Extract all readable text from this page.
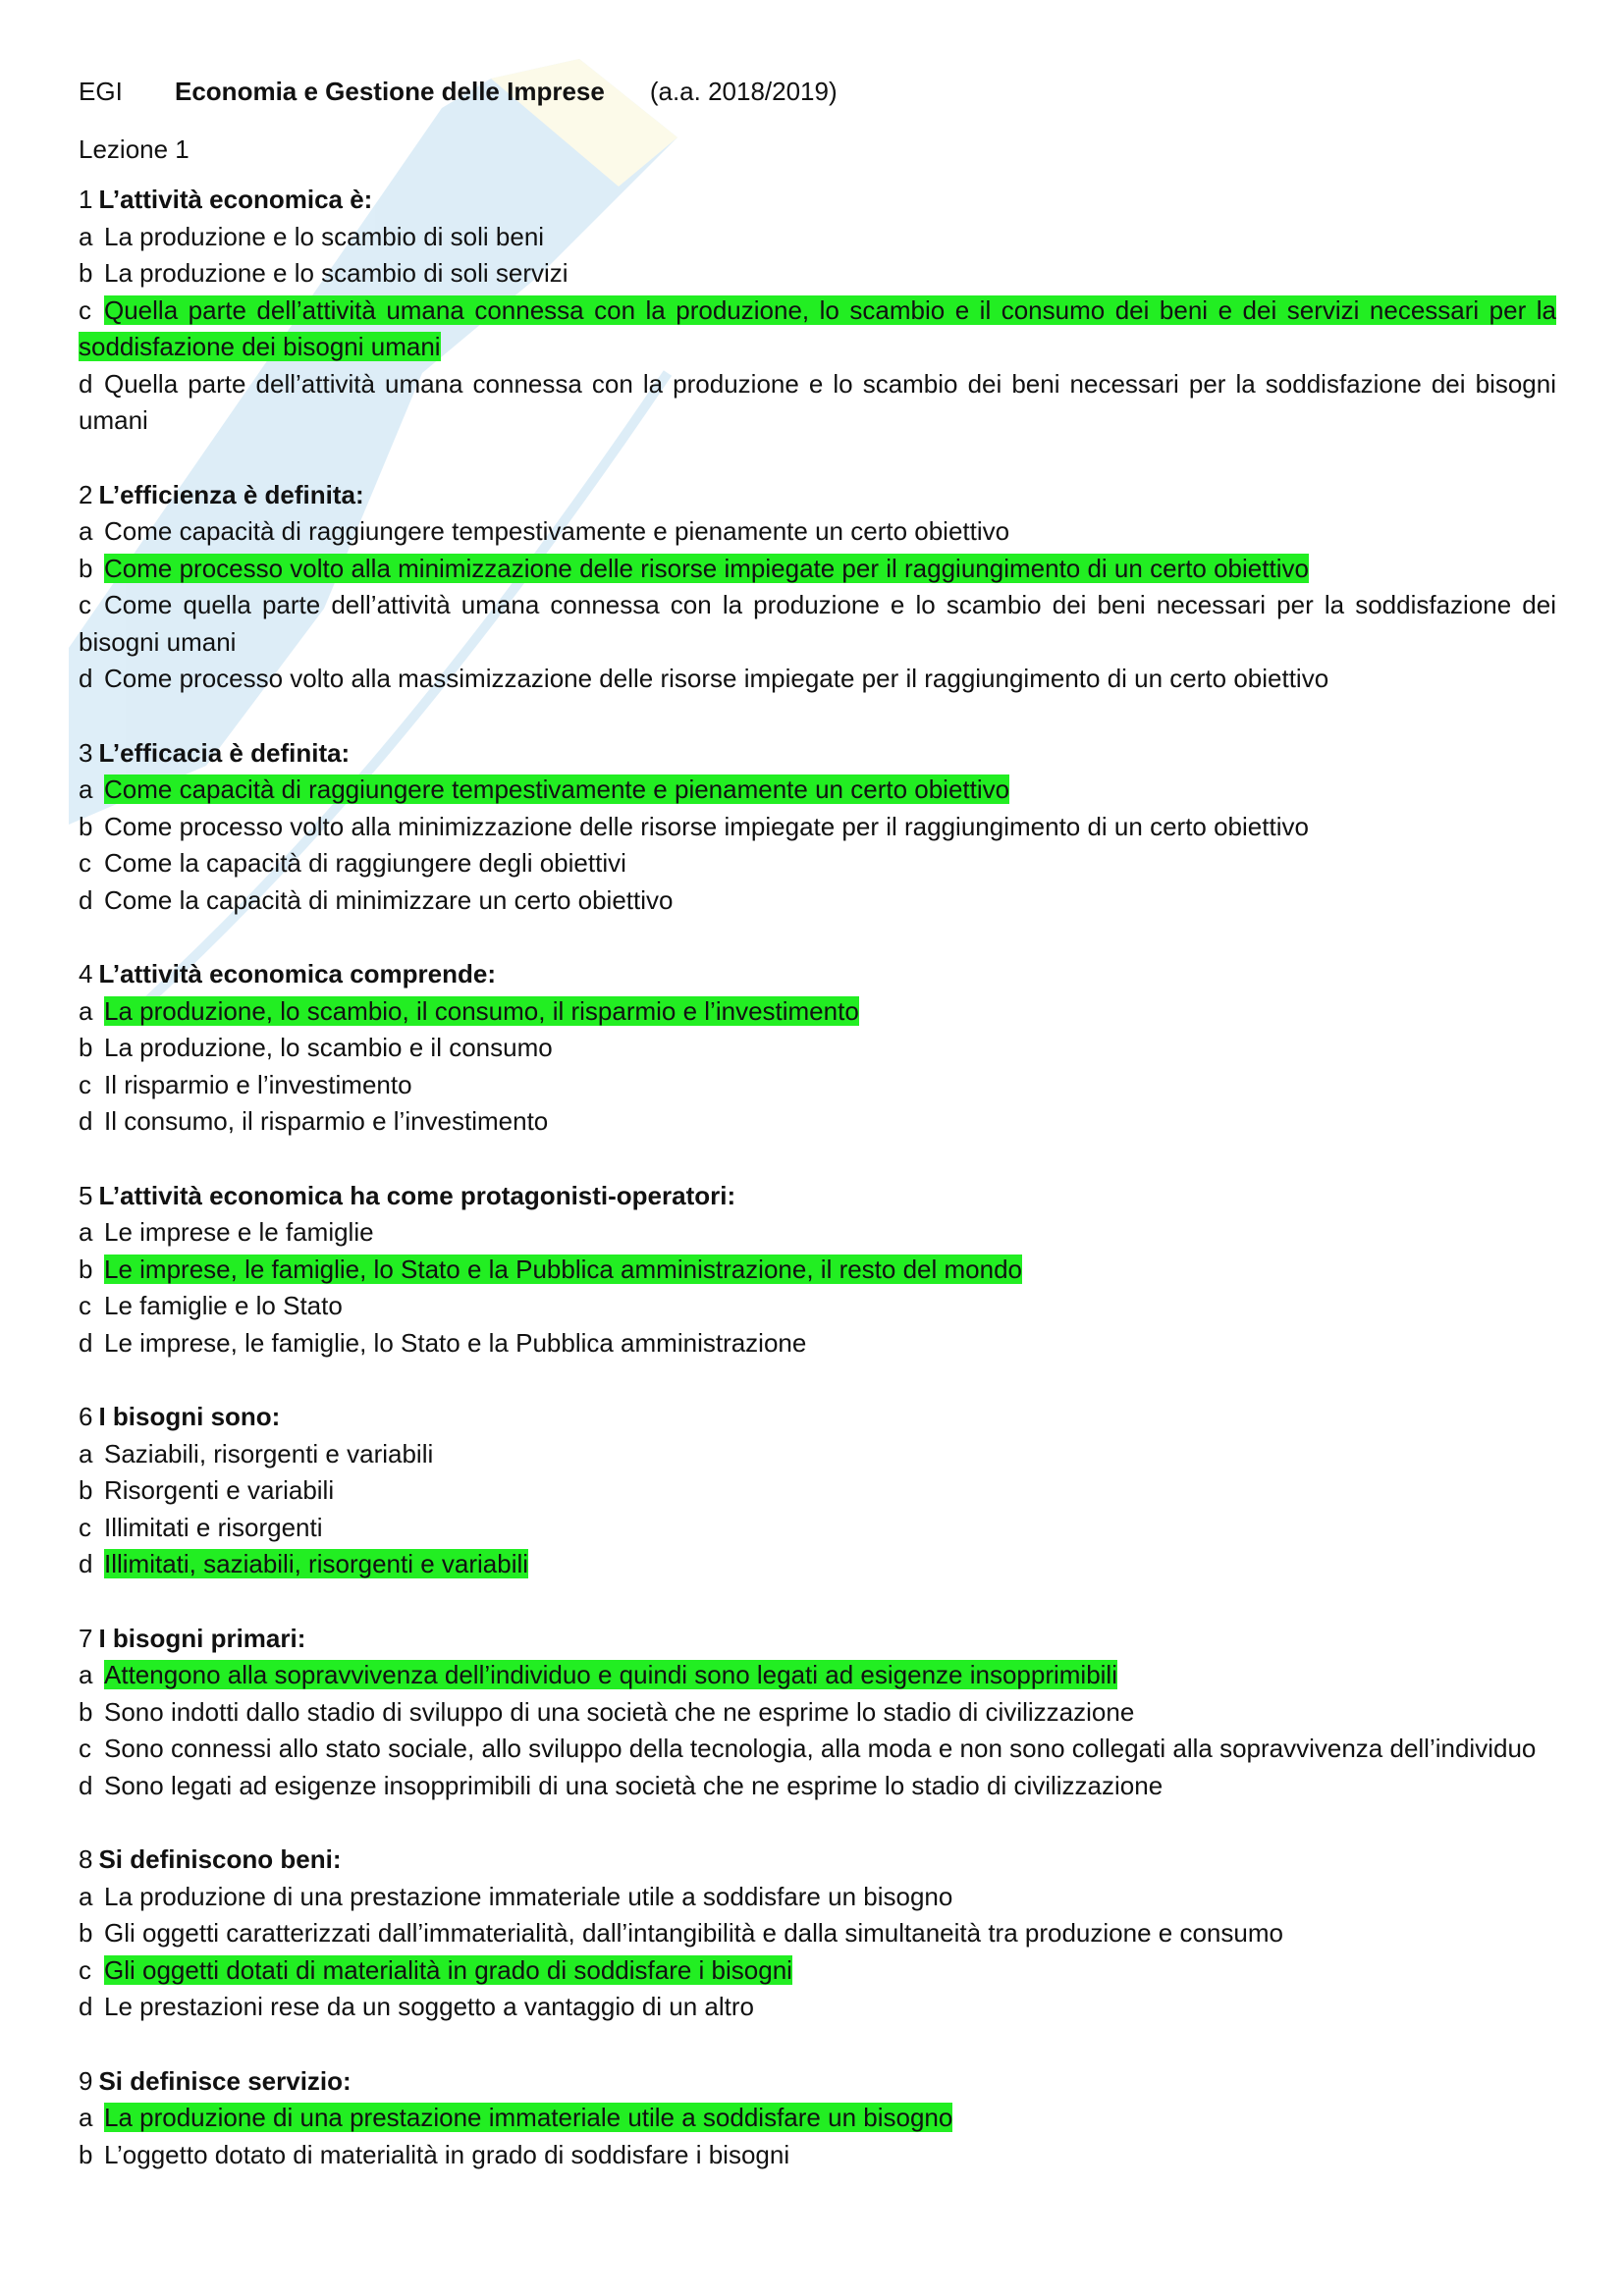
EGI	Economia e Gestione delle Imprese (a.a. 2018/2019)
Lezione 1
1 L’attività economica è:
a La produzione e lo scambio di soli beni
b La produzione e lo scambio di soli servizi
c Quella parte dell’attività umana connessa con la produzione, lo scambio e il consumo dei beni e dei servizi necessari per la soddisfazione dei bisogni umani
d Quella parte dell’attività umana connessa con la produzione e lo scambio dei beni necessari per la soddisfazione dei bisogni umani
2 L’efficienza è definita:
a Come capacità di raggiungere tempestivamente e pienamente un certo obiettivo
b Come processo volto alla minimizzazione delle risorse impiegate per il raggiungimento di un certo obiettivo
c Come quella parte dell’attività umana connessa con la produzione e lo scambio dei beni necessari per la soddisfazione dei bisogni umani
d Come processo volto alla massimizzazione delle risorse impiegate per il raggiungimento di un certo obiettivo
3 L’efficacia è definita:
a Come capacità di raggiungere tempestivamente e pienamente un certo obiettivo
b Come processo volto alla minimizzazione delle risorse impiegate per il raggiungimento di un certo obiettivo
c Come la capacità di raggiungere degli obiettivi
d Come la capacità di minimizzare un certo obiettivo
4 L’attività economica comprende:
a La produzione, lo scambio, il consumo, il risparmio e l’investimento
b La produzione, lo scambio e il consumo
c Il risparmio e l’investimento
d Il consumo, il risparmio e l’investimento
5 L’attività economica ha come protagonisti-operatori:
a Le imprese e le famiglie
b Le imprese, le famiglie, lo Stato e la Pubblica amministrazione, il resto del mondo
c Le famiglie e lo Stato
d Le imprese, le famiglie, lo Stato e la Pubblica amministrazione
6 I bisogni sono:
a Saziabili, risorgenti e variabili
b Risorgenti e variabili
c Illimitati e risorgenti
d Illimitati, saziabili, risorgenti e variabili
7 I bisogni primari:
a Attengono alla sopravvivenza dell’individuo e quindi sono legati ad esigenze insopprimibili
b Sono indotti dallo stadio di sviluppo di una società che ne esprime lo stadio di civilizzazione
c Sono connessi allo stato sociale, allo sviluppo della tecnologia, alla moda e non sono collegati alla sopravvivenza dell’individuo
d Sono legati ad esigenze insopprimibili di una società che ne esprime lo stadio di civilizzazione
8 Si definiscono beni:
a La produzione di una prestazione immateriale utile a soddisfare un bisogno
b Gli oggetti caratterizzati dall’immaterialità, dall’intangibilità e dalla simultaneità tra produzione e consumo
c Gli oggetti dotati di materialità in grado di soddisfare i bisogni
d Le prestazioni rese da un soggetto a vantaggio di un altro
9 Si definisce servizio:
a La produzione di una prestazione immateriale utile a soddisfare un bisogno
b L’oggetto dotato di materialità in grado di soddisfare i bisogni
